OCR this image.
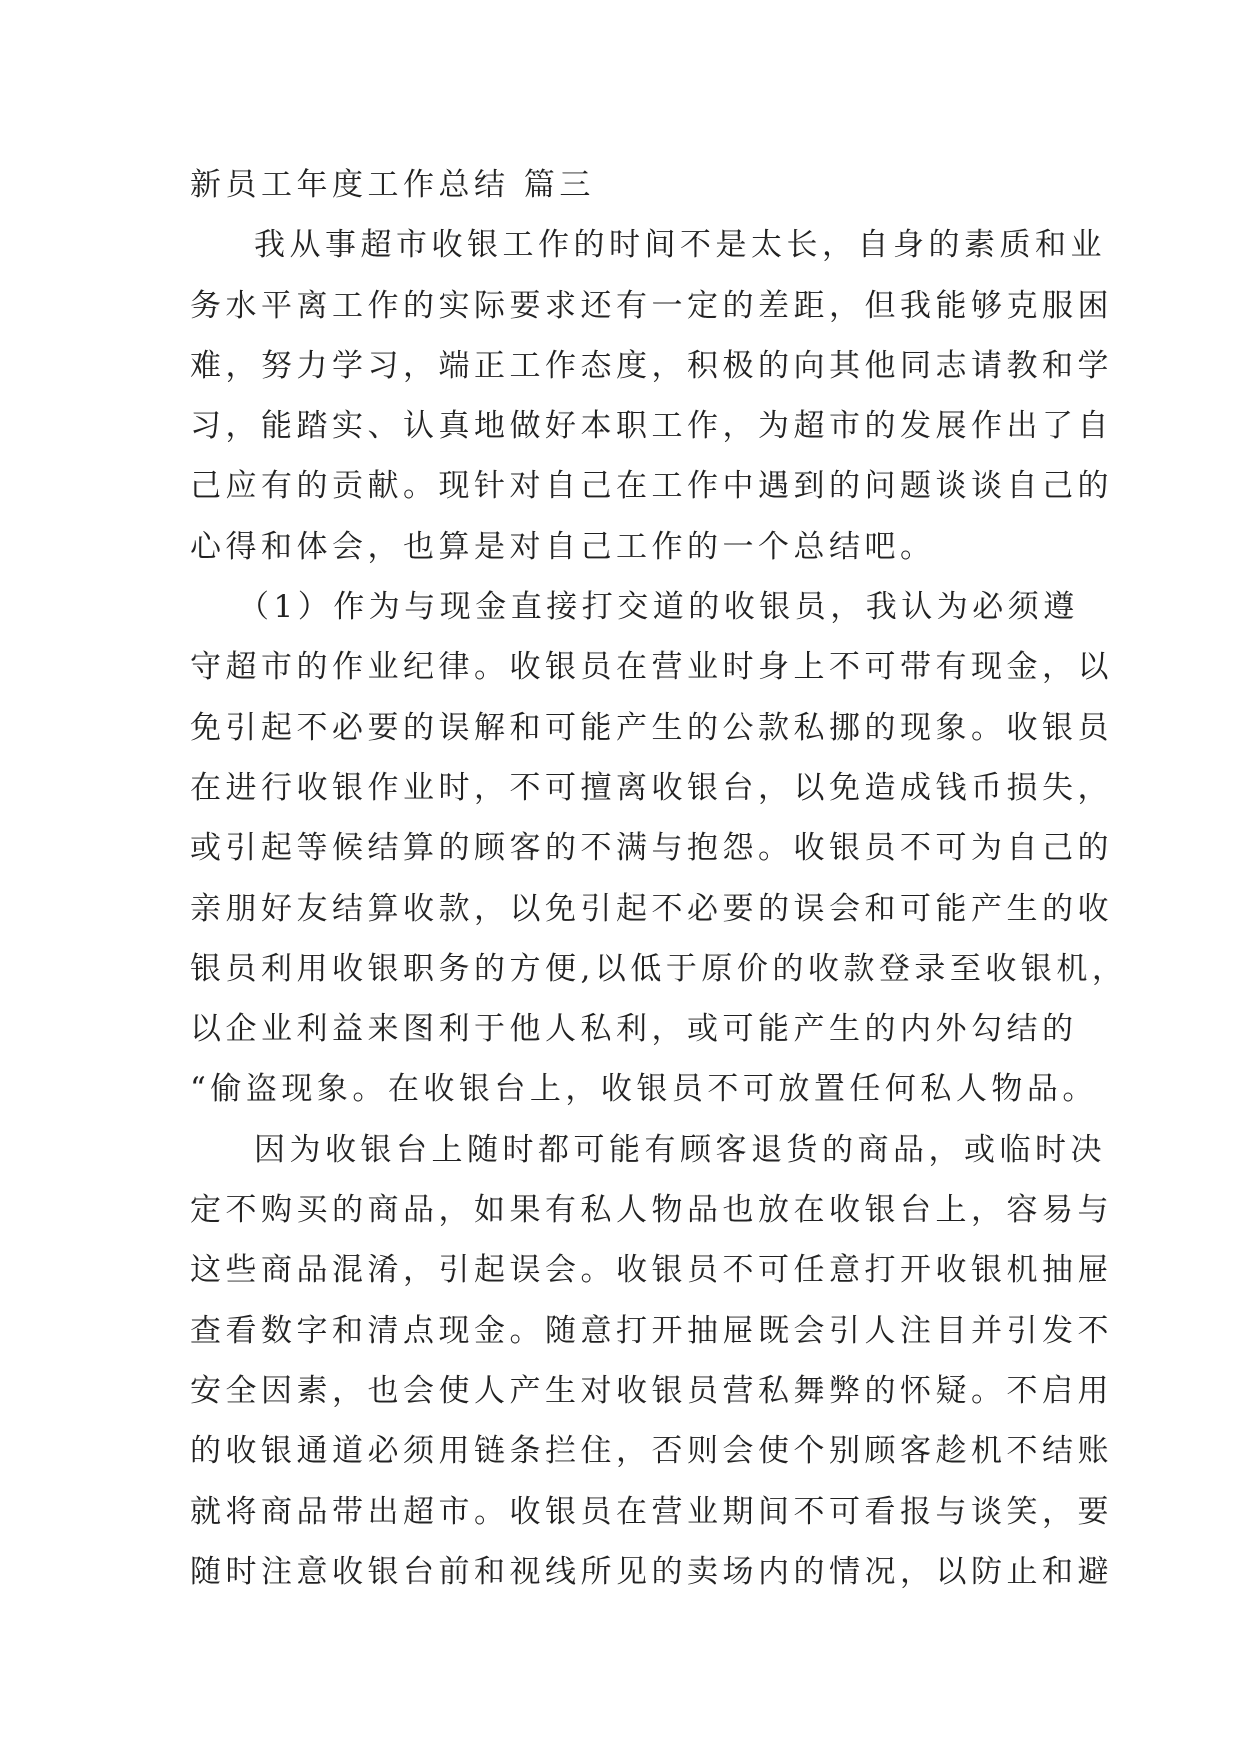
新员工年度工作总结 篇三
我从事超市收银工作的时间不是太长，自身的素质和业
务水平离工作的实际要求还有一定的差距，但我能够克服困
难，努力学习，端正工作态度，积极的向其他同志请教和学
习，能踏实、认真地做好本职工作，为超市的发展作出了自
己应有的贡献。现针对自己在工作中遇到的问题谈谈自己的
心得和体会，也算是对自己工作的一个总结吧。
（1）作为与现金直接打交道的收银员，我认为必须遵
守超市的作业纪律。收银员在营业时身上不可带有现金，以
免引起不必要的误解和可能产生的公款私挪的现象。收银员
在进行收银作业时，不可擅离收银台，以免造成钱币损失，
或引起等候结算的顾客的不满与抱怨。收银员不可为自己的
亲朋好友结算收款，以免引起不必要的误会和可能产生的收
银员利用收银职务的方便,以低于原价的收款登录至收银机，
以企业利益来图利于他人私利，或可能产生的内外勾结的
“偷盗现象。在收银台上，收银员不可放置任何私人物品。
因为收银台上随时都可能有顾客退货的商品，或临时决
定不购买的商品，如果有私人物品也放在收银台上，容易与
这些商品混淆，引起误会。收银员不可任意打开收银机抽屉
查看数字和清点现金。随意打开抽屉既会引人注目并引发不
安全因素，也会使人产生对收银员营私舞弊的怀疑。不启用
的收银通道必须用链条拦住，否则会使个别顾客趁机不结账
就将商品带出超市。收银员在营业期间不可看报与谈笑，要
随时注意收银台前和视线所见的卖场内的情况，以防止和避
